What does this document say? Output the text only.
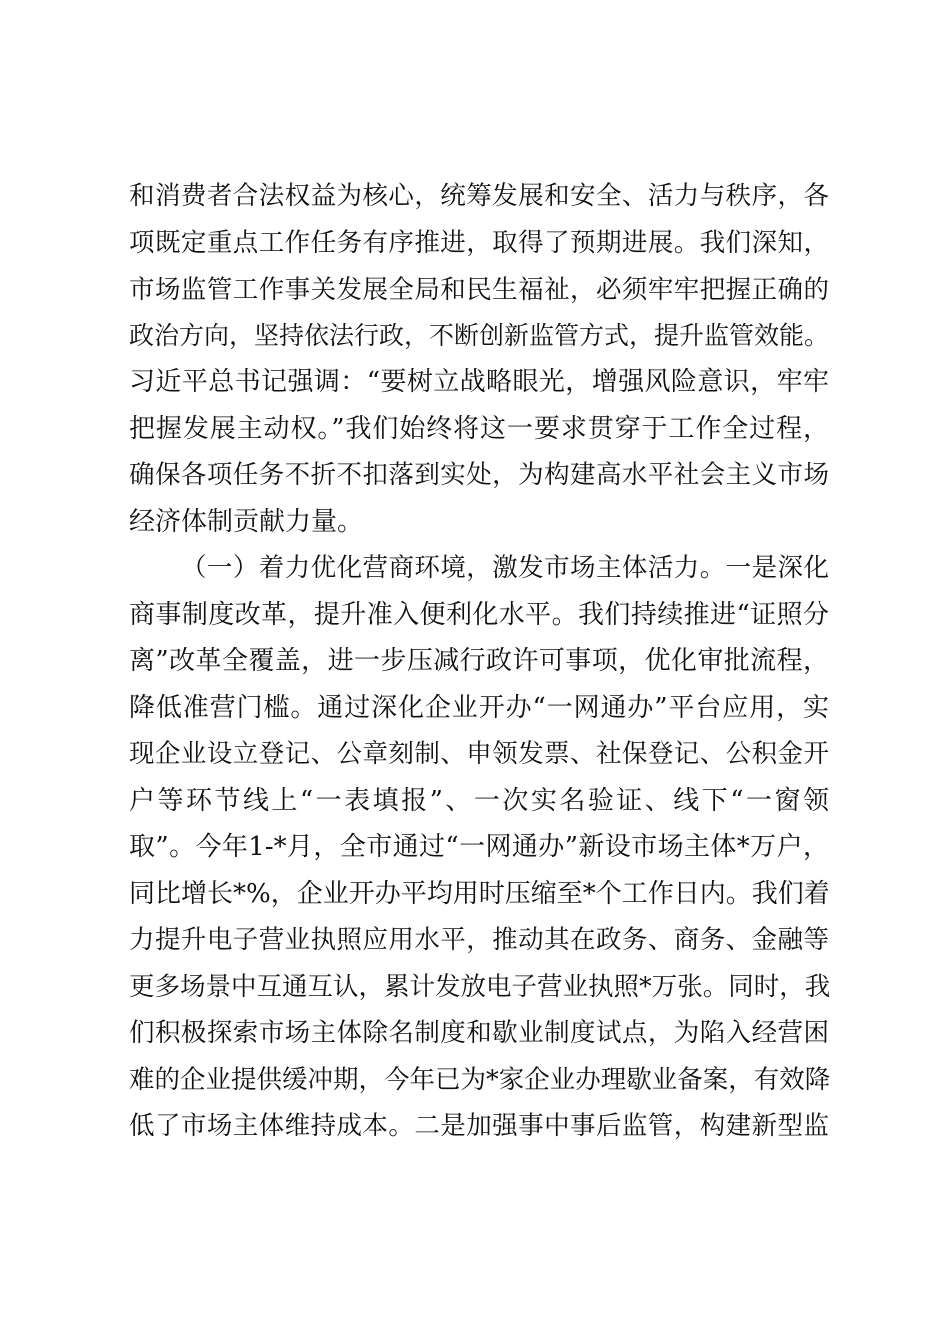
和消费者合法权益为核心，统筹发展和安全、活力与秩序，各

项既定重点工作任务有序推进，取得了预期进展。我们深知，

市场监管工作事关发展全局和民生福祉，必须牢牢把握正确的

政治方向，坚持依法行政，不断创新监管方式，提升监管效能。

习近平总书记强调：“要树立战略眼光，增强风险意识，牢牢

把握发展主动权。”我们始终将这一要求贯穿于工作全过程，

确保各项任务不折不扣落到实处，为构建高水平社会主义市场

经济体制贡献力量。

（一）着力优化营商环境，激发市场主体活力。一是深化

商事制度改革，提升准入便利化水平。我们持续推进“证照分

离”改革全覆盖，进一步压减行政许可事项，优化审批流程，

降低准营门槛。通过深化企业开办“一网通办”平台应用，实

现企业设立登记、公章刻制、申领发票、社保登记、公积金开

户等环节线上“一表填报”、一次实名验证、线下“一窗领

取”。今年1-*月，全市通过“一网通办”新设市场主体*万户，

同比增长*%，企业开办平均用时压缩至*个工作日内。我们着

力提升电子营业执照应用水平，推动其在政务、商务、金融等

更多场景中互通互认，累计发放电子营业执照*万张。同时，我

们积极探索市场主体除名制度和歇业制度试点，为陷入经营困

难的企业提供缓冲期，今年已为*家企业办理歇业备案，有效降

低了市场主体维持成本。二是加强事中事后监管，构建新型监
